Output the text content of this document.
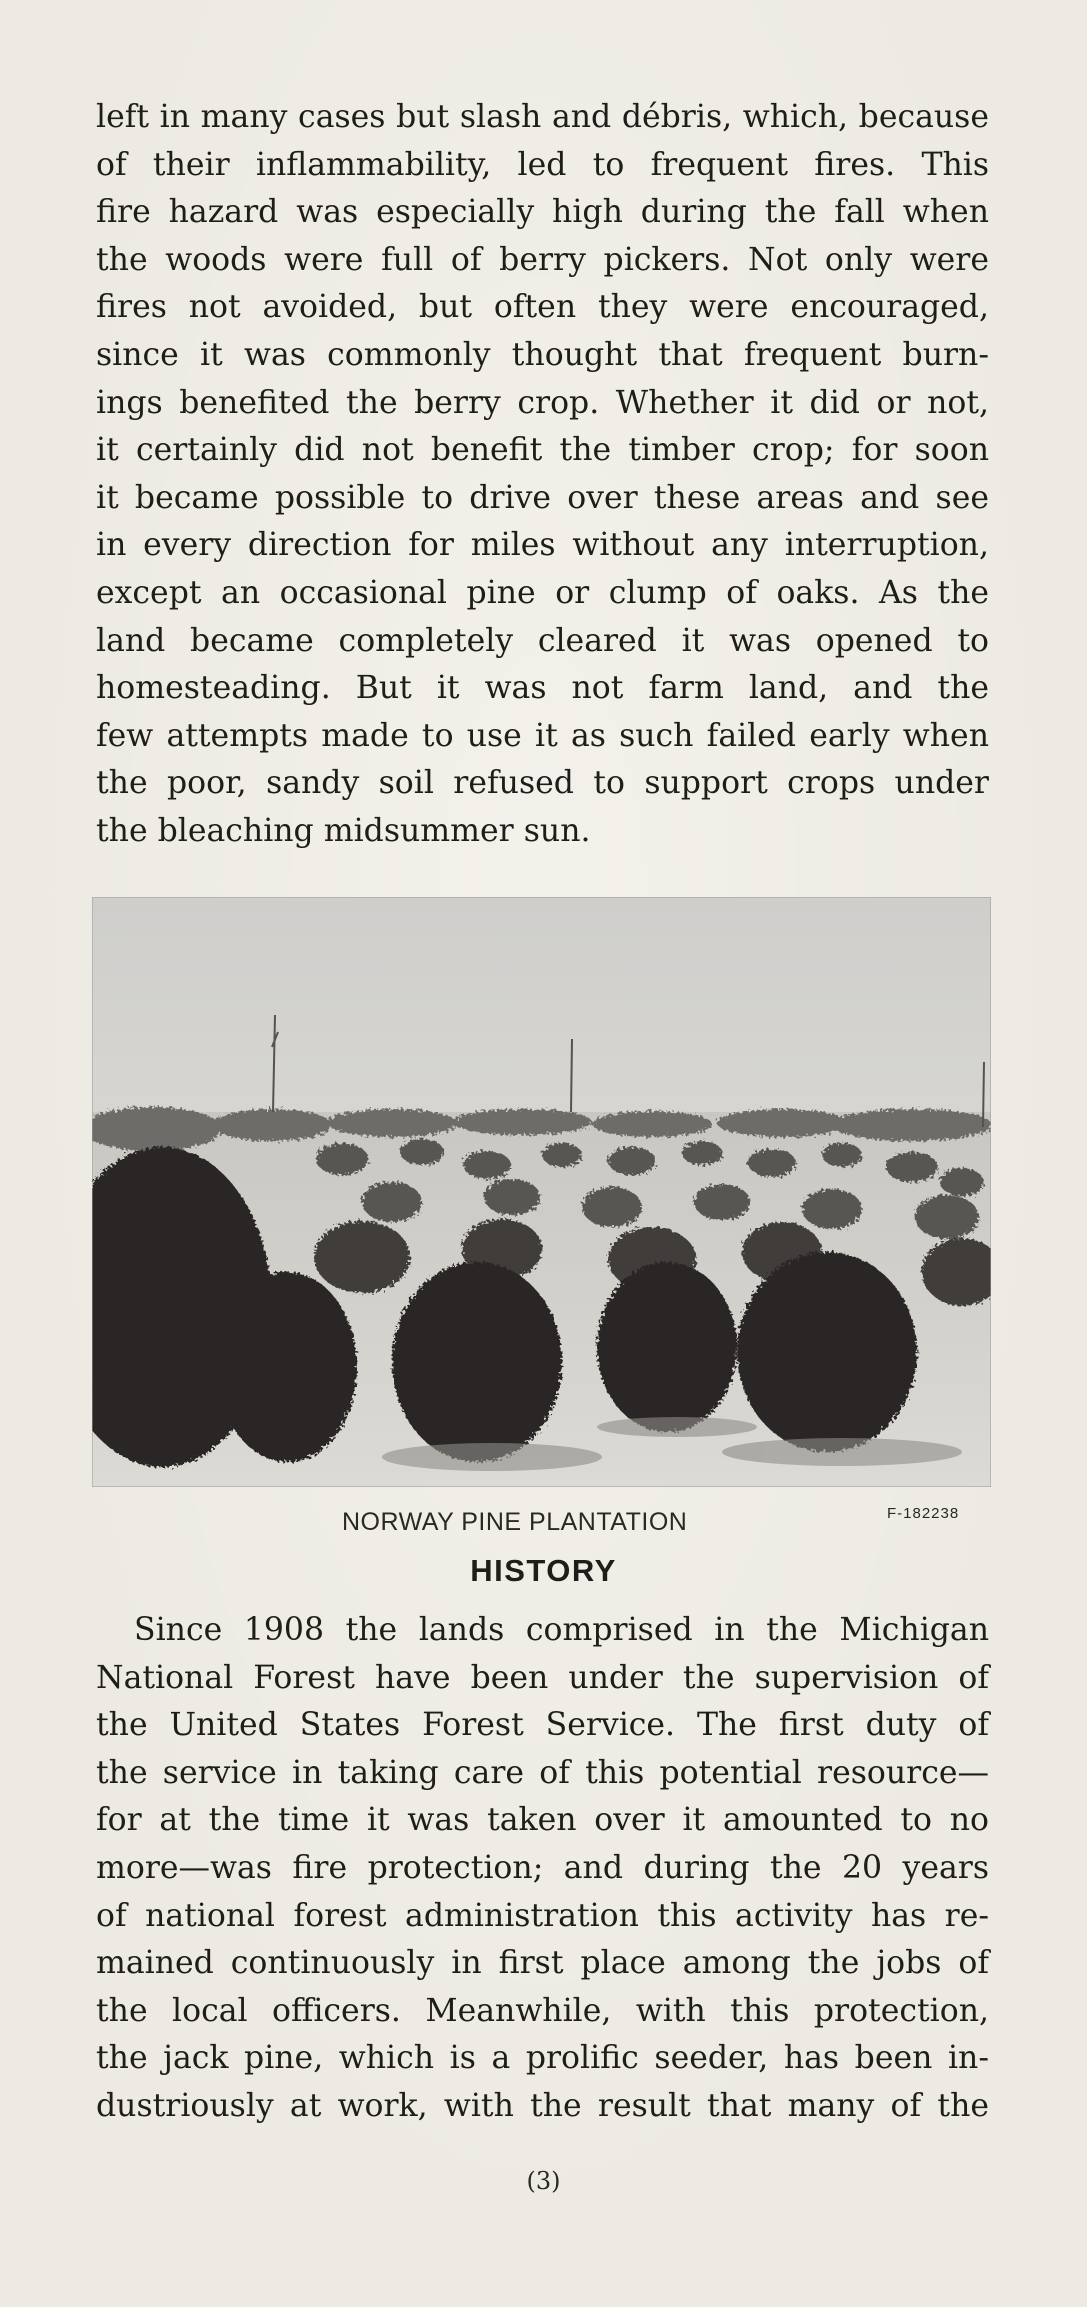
left in many cases but slash and débris, which, because
of their inflammability, led to frequent fires. This
fire hazard was especially high during the fall when
the woods were full of berry pickers. Not only were
fires not avoided, but often they were encouraged,
since it was commonly thought that frequent burn-
ings benefited the berry crop. Whether it did or not,
it certainly did not benefit the timber crop; for soon
it became possible to drive over these areas and see
in every direction for miles without any interruption,
except an occasional pine or clump of oaks. As the
land became completely cleared it was opened to
homesteading. But it was not farm land, and the
few attempts made to use it as such failed early when
the poor, sandy soil refused to support crops under
the bleaching midsummer sun.

NORWAY PINE PLANTATION	F-182238
HISTORY

Since 1908 the lands comprised in the Michigan
National Forest have been under the supervision of
the United States Forest Service. The first duty of
the service in taking care of this potential resource—
for at the time it was taken over it amounted to no
more—was fire protection; and during the 20 years
of national forest administration this activity has re-
mained continuously in first place among the jobs of
the local officers. Meanwhile, with this protection,
the jack pine, which is a prolific seeder, has been in-
dustriously at work, with the result that many of the

(3)
